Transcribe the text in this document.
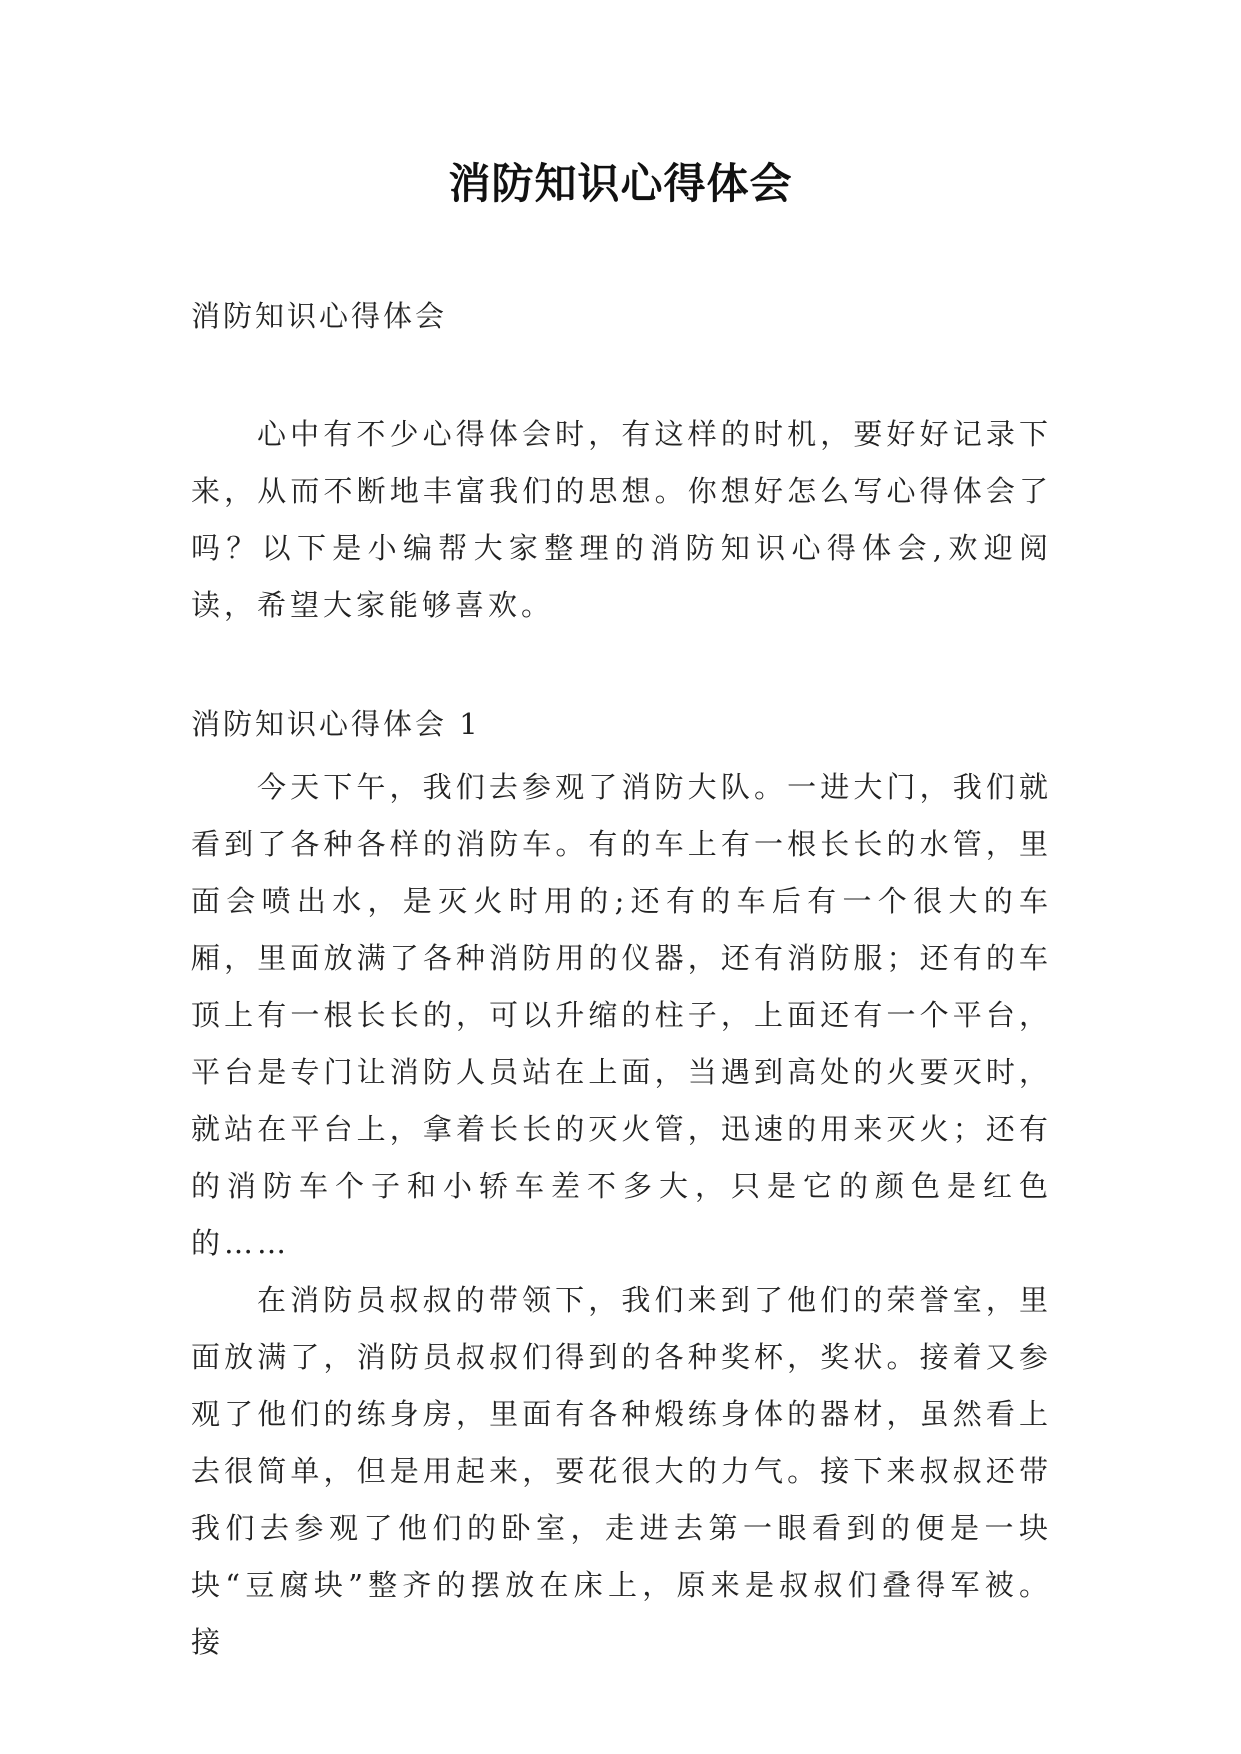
消防知识心得体会
消防知识心得体会
心中有不少心得体会时，有这样的时机，要好好记录下来，从而不断地丰富我们的思想。你想好怎么写心得体会了吗？以下是小编帮大家整理的消防知识心得体会,欢迎阅读，希望大家能够喜欢。
消防知识心得体会 1

今天下午，我们去参观了消防大队。一进大门，我们就看到了各种各样的消防车。有的车上有一根长长的水管，里面会喷出水，是灭火时用的;还有的车后有一个很大的车厢，里面放满了各种消防用的仪器，还有消防服；还有的车顶上有一根长长的，可以升缩的柱子，上面还有一个平台，平台是专门让消防人员站在上面，当遇到高处的火要灭时，就站在平台上，拿着长长的灭火管，迅速的用来灭火；还有的消防车个子和小轿车差不多大，只是它的颜色是红色的……

在消防员叔叔的带领下，我们来到了他们的荣誉室，里面放满了，消防员叔叔们得到的各种奖杯，奖状。接着又参观了他们的练身房，里面有各种煅练身体的器材，虽然看上去很简单，但是用起来，要花很大的力气。接下来叔叔还带我们去参观了他们的卧室，走进去第一眼看到的便是一块块“豆腐块”整齐的摆放在床上，原来是叔叔们叠得军被。接
